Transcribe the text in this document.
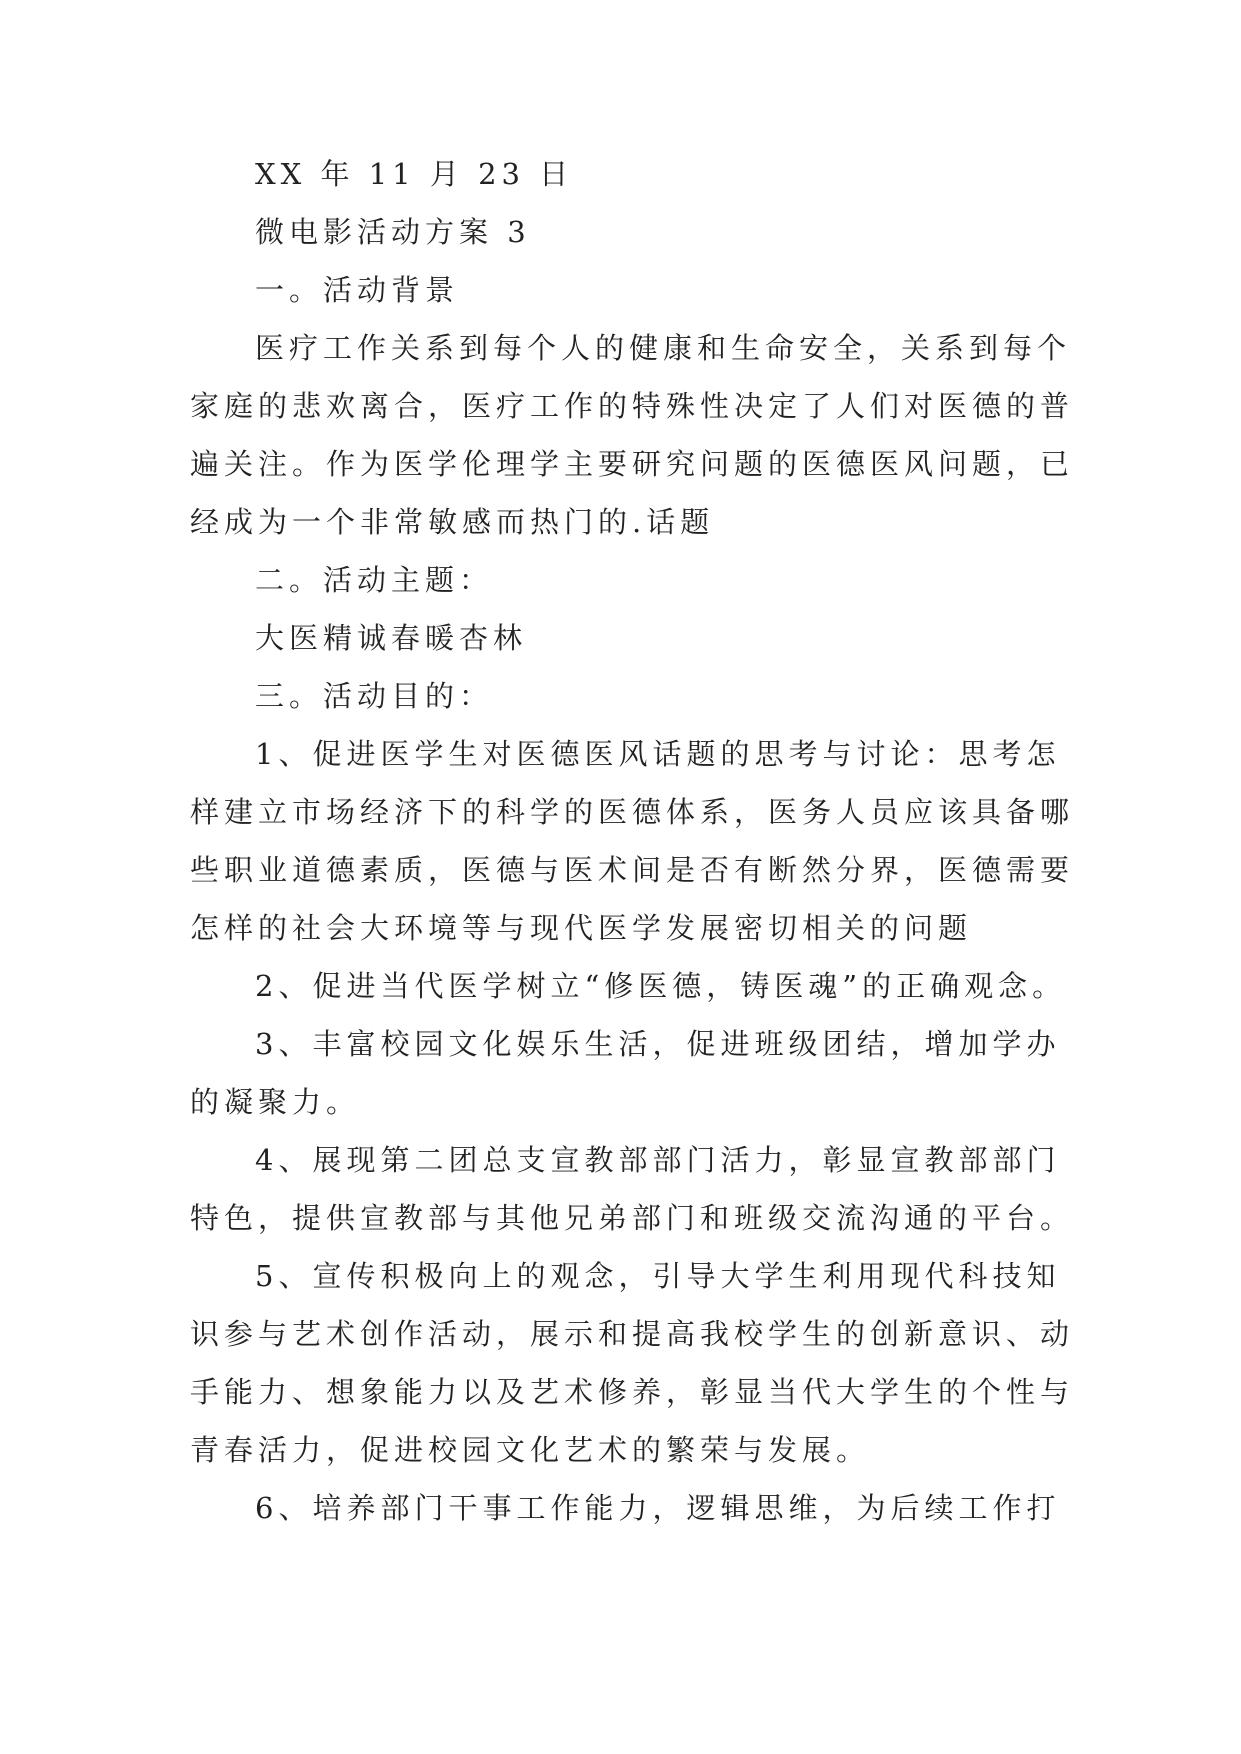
XX 年 11 月 23 日
微电影活动方案 3
一。活动背景
医疗工作关系到每个人的健康和生命安全，关系到每个
家庭的悲欢离合，医疗工作的特殊性决定了人们对医德的普
遍关注。作为医学伦理学主要研究问题的医德医风问题，已
经成为一个非常敏感而热门的.话题
二。活动主题：
大医精诚春暖杏林
三。活动目的：
1、促进医学生对医德医风话题的思考与讨论：思考怎
样建立市场经济下的科学的医德体系，医务人员应该具备哪
些职业道德素质，医德与医术间是否有断然分界，医德需要
怎样的社会大环境等与现代医学发展密切相关的问题
2、促进当代医学树立“修医德，铸医魂”的正确观念。
3、丰富校园文化娱乐生活，促进班级团结，增加学办
的凝聚力。
4、展现第二团总支宣教部部门活力，彰显宣教部部门
特色，提供宣教部与其他兄弟部门和班级交流沟通的平台。
5、宣传积极向上的观念，引导大学生利用现代科技知
识参与艺术创作活动，展示和提高我校学生的创新意识、动
手能力、想象能力以及艺术修养，彰显当代大学生的个性与
青春活力，促进校园文化艺术的繁荣与发展。
6、培养部门干事工作能力，逻辑思维，为后续工作打
